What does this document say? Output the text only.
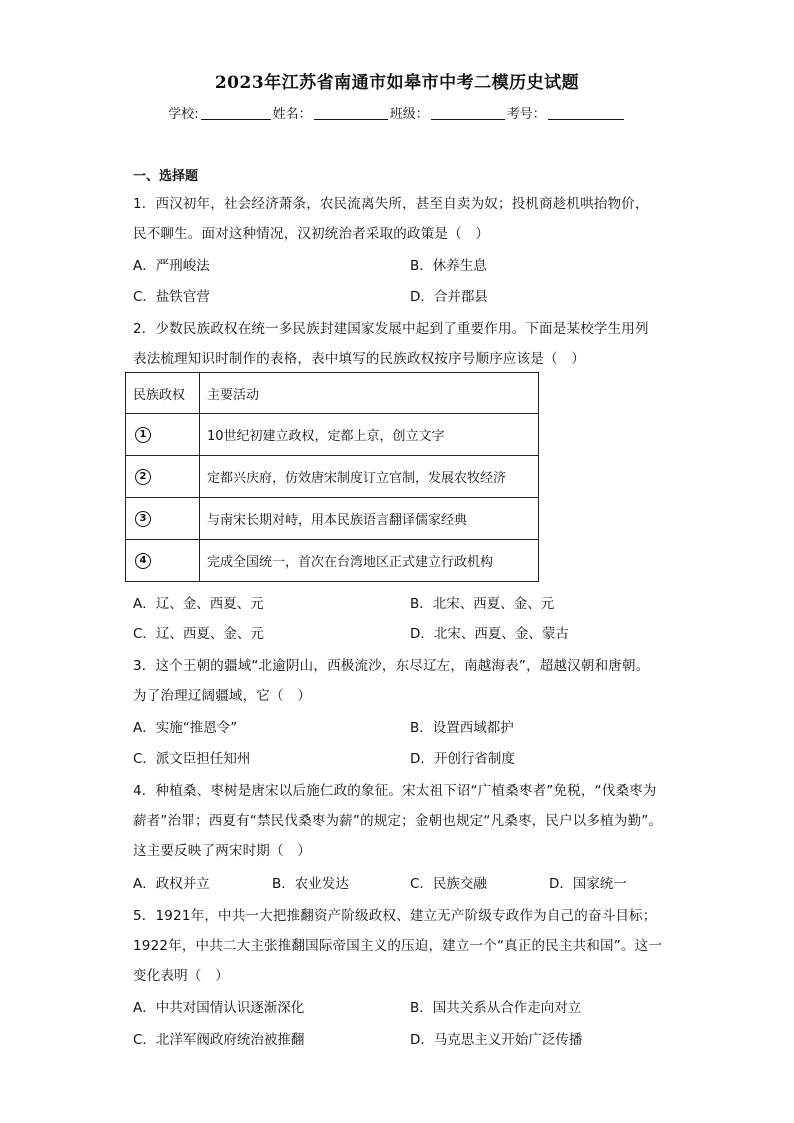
2023年江苏省南通市如皋市中考二模历史试题
学校:	姓名：	班级：	考号：
一、选择题
1．西汉初年，社会经济萧条，农民流离失所，甚至自卖为奴；投机商趁机哄抬物价，
民不聊生。面对这种情况，汉初统治者采取的政策是（　）
A．严刑峻法	B．休养生息
C．盐铁官营	D．合并郡县
2．少数民族政权在统一多民族封建国家发展中起到了重要作用。下面是某校学生用列
表法梳理知识时制作的表格，表中填写的民族政权按序号顺序应该是（　）
民族政权	主要活动
1	10世纪初建立政权，定都上京，创立文字
2	定都兴庆府，仿效唐宋制度订立官制，发展农牧经济
3	与南宋长期对峙，用本民族语言翻译儒家经典
4	完成全国统一，首次在台湾地区正式建立行政机构
A．辽、金、西夏、元	B．北宋、西夏、金、元
C．辽、西夏、金、元	D．北宋、西夏、金、蒙古
3．这个王朝的疆域“北逾阴山，西极流沙，东尽辽左，南越海表”，超越汉朝和唐朝。
为了治理辽阔疆域，它（　）
A．实施“推恩令”	B．设置西域都护
C．派文臣担任知州	D．开创行省制度
4．种植桑、枣树是唐宋以后施仁政的象征。宋太祖下诏“广植桑枣者”免税，“伐桑枣为
薪者”治罪；西夏有“禁民伐桑枣为薪”的规定；金朝也规定“凡桑枣，民户以多植为勤”。
这主要反映了两宋时期（　）
A．政权并立	B．农业发达	C．民族交融	D．国家统一
5．1921年，中共一大把推翻资产阶级政权、建立无产阶级专政作为自己的奋斗目标；
1922年，中共二大主张推翻国际帝国主义的压迫，建立一个“真正的民主共和国”。这一
变化表明（　）
A．中共对国情认识逐渐深化	B．国共关系从合作走向对立
C．北洋军阀政府统治被推翻	D．马克思主义开始广泛传播
